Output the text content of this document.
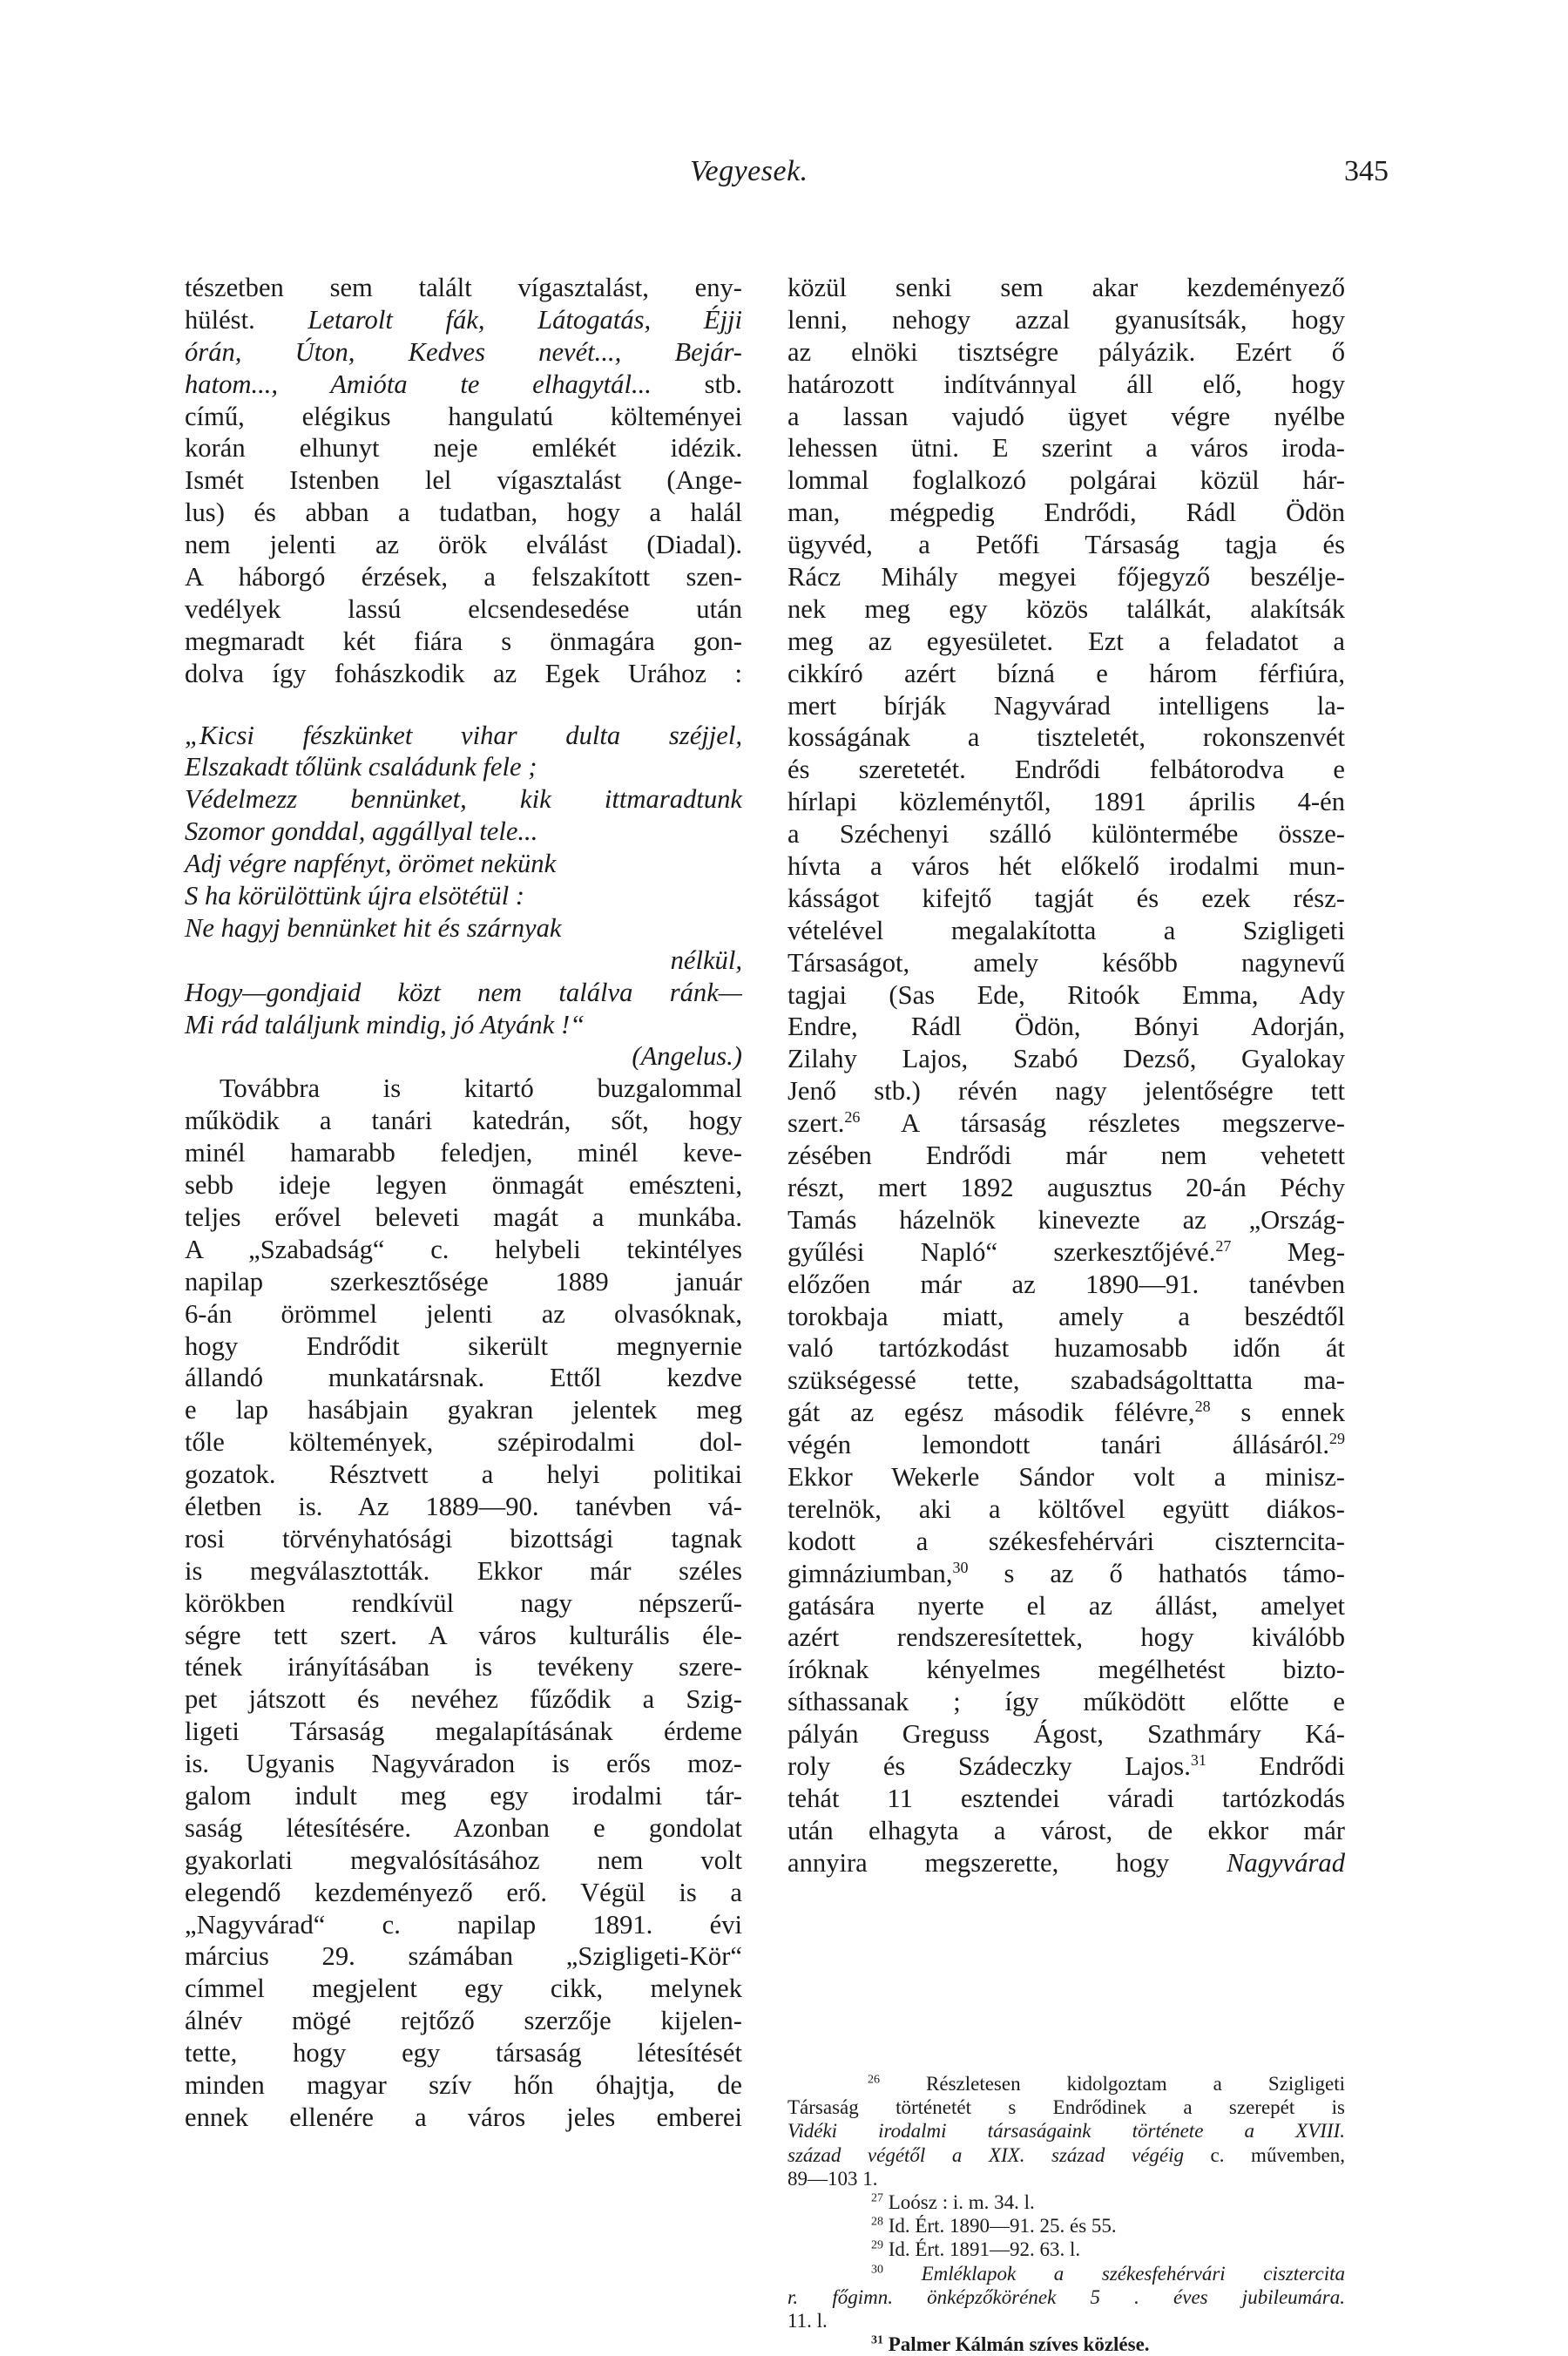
Vegyesek.	345
tészetben sem talált vígasztalást, eny-
hülést. Letarolt fák, Látogatás, Éjji
órán, Úton, Kedves nevét..., Bejár-
hatom..., Amióta te elhagytál... stb.
című, elégikus hangulatú költeményei
korán elhunyt neje emlékét idézik.
Ismét Istenben lel vígasztalást (Ange-
lus) és abban a tudatban, hogy a halál
nem jelenti az örök elválást (Diadal).
A háborgó érzések, a felszakított szen-
vedélyek lassú elcsendesedése után
megmaradt két fiára s önmagára gon-
dolva így fohászkodik az Egek Urához :
„Kicsi fészkünket vihar dulta széjjel,
Elszakadt tőlünk családunk fele ;
Védelmezz bennünket, kik ittmaradtunk
Szomor gonddal, aggállyal tele...
Adj végre napfényt, örömet nekünk
S ha körülöttünk újra elsötétül :
Ne hagyj bennünket hit és szárnyak
nélkül,
Hogy—gondjaid közt nem találva ránk—
Mi rád találjunk mindig, jó Atyánk !“
(Angelus.)
Továbbra is kitartó buzgalommal
működik a tanári katedrán, sőt, hogy
minél hamarabb feledjen, minél keve-
sebb ideje legyen önmagát emészteni,
teljes erővel beleveti magát a munkába.
A „Szabadság“ c. helybeli tekintélyes
napilap szerkesztősége 1889 január
6-án örömmel jelenti az olvasóknak,
hogy Endrődit sikerült megnyernie
állandó munkatársnak. Ettől kezdve
e lap hasábjain gyakran jelentek meg
tőle költemények, szépirodalmi dol-
gozatok. Résztvett a helyi politikai
életben is. Az 1889—90. tanévben vá-
rosi törvényhatósági bizottsági tagnak
is megválasztották. Ekkor már széles
körökben rendkívül nagy népszerű-
ségre tett szert. A város kulturális éle-
tének irányításában is tevékeny szere-
pet játszott és nevéhez fűződik a Szig-
ligeti Társaság megalapításának érdeme
is. Ugyanis Nagyváradon is erős moz-
galom indult meg egy irodalmi tár-
saság létesítésére. Azonban e gondolat
gyakorlati megvalósításához nem volt
elegendő kezdeményező erő. Végül is a
„Nagyvárad“ c. napilap 1891. évi
március 29. számában „Szigligeti-Kör“
címmel megjelent egy cikk, melynek
álnév mögé rejtőző szerzője kijelen-
tette, hogy egy társaság létesítését
minden magyar szív hőn óhajtja, de
ennek ellenére a város jeles emberei
közül senki sem akar kezdeményező
lenni, nehogy azzal gyanusítsák, hogy
az elnöki tisztségre pályázik. Ezért ő
határozott indítvánnyal áll elő, hogy
a lassan vajudó ügyet végre nyélbe
lehessen ütni. E szerint a város iroda-
lommal foglalkozó polgárai közül hár-
man, mégpedig Endrődi, Rádl Ödön
ügyvéd, a Petőfi Társaság tagja és
Rácz Mihály megyei főjegyző beszélje-
nek meg egy közös találkát, alakítsák
meg az egyesületet. Ezt a feladatot a
cikkíró azért bízná e három férfiúra,
mert bírják Nagyvárad intelligens la-
kosságának a tiszteletét, rokonszenvét
és szeretetét. Endrődi felbátorodva e
hírlapi közleménytől, 1891 április 4-én
a Széchenyi szálló különtermébe össze-
hívta a város hét előkelő irodalmi mun-
kásságot kifejtő tagját és ezek rész-
vételével megalakította a Szigligeti
Társaságot, amely később nagynevű
tagjai (Sas Ede, Ritoók Emma, Ady
Endre, Rádl Ödön, Bónyi Adorján,
Zilahy Lajos, Szabó Dezső, Gyalokay
Jenő stb.) révén nagy jelentőségre tett
szert.$^{26}$ A társaság részletes megszerve-
zésében Endrődi már nem vehetett
részt, mert 1892 augusztus 20-án Péchy
Tamás házelnök kinevezte az „Ország-
gyűlési Napló“ szerkesztőjévé.$^{27}$ Meg-
előzően már az 1890—91. tanévben
torokbaja miatt, amely a beszédtől
való tartózkodást huzamosabb időn át
szükségessé tette, szabadságolttatta ma-
gát az egész második félévre,$^{28}$ s ennek
végén lemondott tanári állásáról.$^{29}$
Ekkor Wekerle Sándor volt a minisz-
terelnök, aki a költővel együtt diákos-
kodott a székesfehérvári ciszterncita-
gimnáziumban,$^{30}$ s az ő hathatós támo-
gatására nyerte el az állást, amelyet
azért rendszeresítettek, hogy kiválóbb
íróknak kényelmes megélhetést bizto-
síthassanak ; így működött előtte e
pályán Greguss Ágost, Szathmáry Ká-
roly és Szádeczky Lajos.$^{31}$ Endrődi
tehát 11 esztendei váradi tartózkodás
után elhagyta a várost, de ekkor már
annyira megszerette, hogy Nagyvárad
$^{26}$ Részletesen kidolgoztam a Szigligeti
Társaság történetét s Endrődinek a szerepét is
Vidéki irodalmi társaságaink története a XVIII.
század végétől a XIX. század végéig c. művemben,
89—103 1.
$^{27}$ Loósz : i. m. 34. l.
$^{28}$ Id. Ért. 1890—91. 25. és 55.
$^{29}$ Id. Ért. 1891—92. 63. l.
$^{30}$ Emléklapok a székesfehérvári cisztercita
r. főgimn. önképzőkörének 5 . éves jubileumára.
11. l.
$^{31}$ Palmer Kálmán szíves közlése.
